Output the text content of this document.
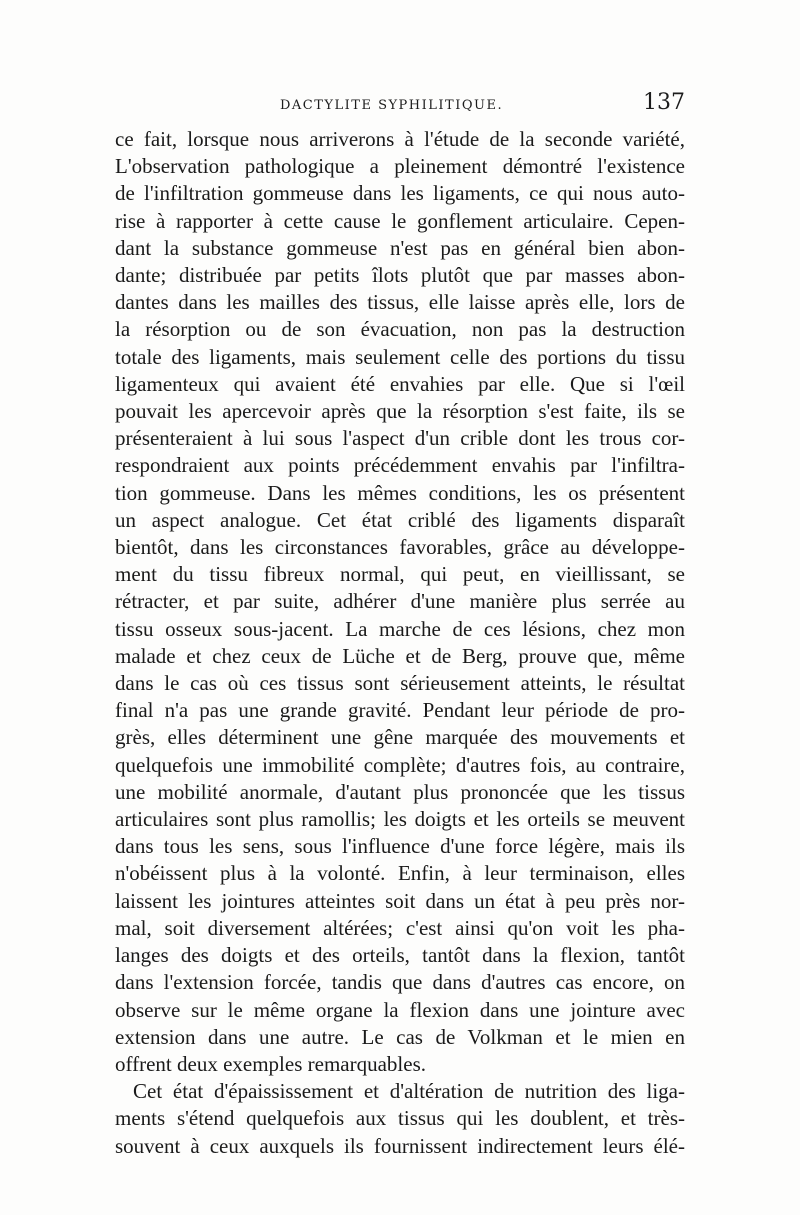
DACTYLITE SYPHILITIQUE.	137
ce fait, lorsque nous arriverons à l'étude de la seconde variété,
L'observation pathologique a pleinement démontré l'existence
de l'infiltration gommeuse dans les ligaments, ce qui nous auto-
rise à rapporter à cette cause le gonflement articulaire. Cepen-
dant la substance gommeuse n'est pas en général bien abon-
dante; distribuée par petits îlots plutôt que par masses abon-
dantes dans les mailles des tissus, elle laisse après elle, lors de
la résorption ou de son évacuation, non pas la destruction
totale des ligaments, mais seulement celle des portions du tissu
ligamenteux qui avaient été envahies par elle. Que si l'œil
pouvait les apercevoir après que la résorption s'est faite, ils se
présenteraient à lui sous l'aspect d'un crible dont les trous cor-
respondraient aux points précédemment envahis par l'infiltra-
tion gommeuse. Dans les mêmes conditions, les os présentent
un aspect analogue. Cet état criblé des ligaments disparaît
bientôt, dans les circonstances favorables, grâce au développe-
ment du tissu fibreux normal, qui peut, en vieillissant, se
rétracter, et par suite, adhérer d'une manière plus serrée au
tissu osseux sous-jacent. La marche de ces lésions, chez mon
malade et chez ceux de Lüche et de Berg, prouve que, même
dans le cas où ces tissus sont sérieusement atteints, le résultat
final n'a pas une grande gravité. Pendant leur période de pro-
grès, elles déterminent une gêne marquée des mouvements et
quelquefois une immobilité complète; d'autres fois, au contraire,
une mobilité anormale, d'autant plus prononcée que les tissus
articulaires sont plus ramollis; les doigts et les orteils se meuvent
dans tous les sens, sous l'influence d'une force légère, mais ils
n'obéissent plus à la volonté. Enfin, à leur terminaison, elles
laissent les jointures atteintes soit dans un état à peu près nor-
mal, soit diversement altérées; c'est ainsi qu'on voit les pha-
langes des doigts et des orteils, tantôt dans la flexion, tantôt
dans l'extension forcée, tandis que dans d'autres cas encore, on
observe sur le même organe la flexion dans une jointure avec
extension dans une autre. Le cas de Volkman et le mien en
offrent deux exemples remarquables.
Cet état d'épaississement et d'altération de nutrition des liga-
ments s'étend quelquefois aux tissus qui les doublent, et très-
souvent à ceux auxquels ils fournissent indirectement leurs élé-
